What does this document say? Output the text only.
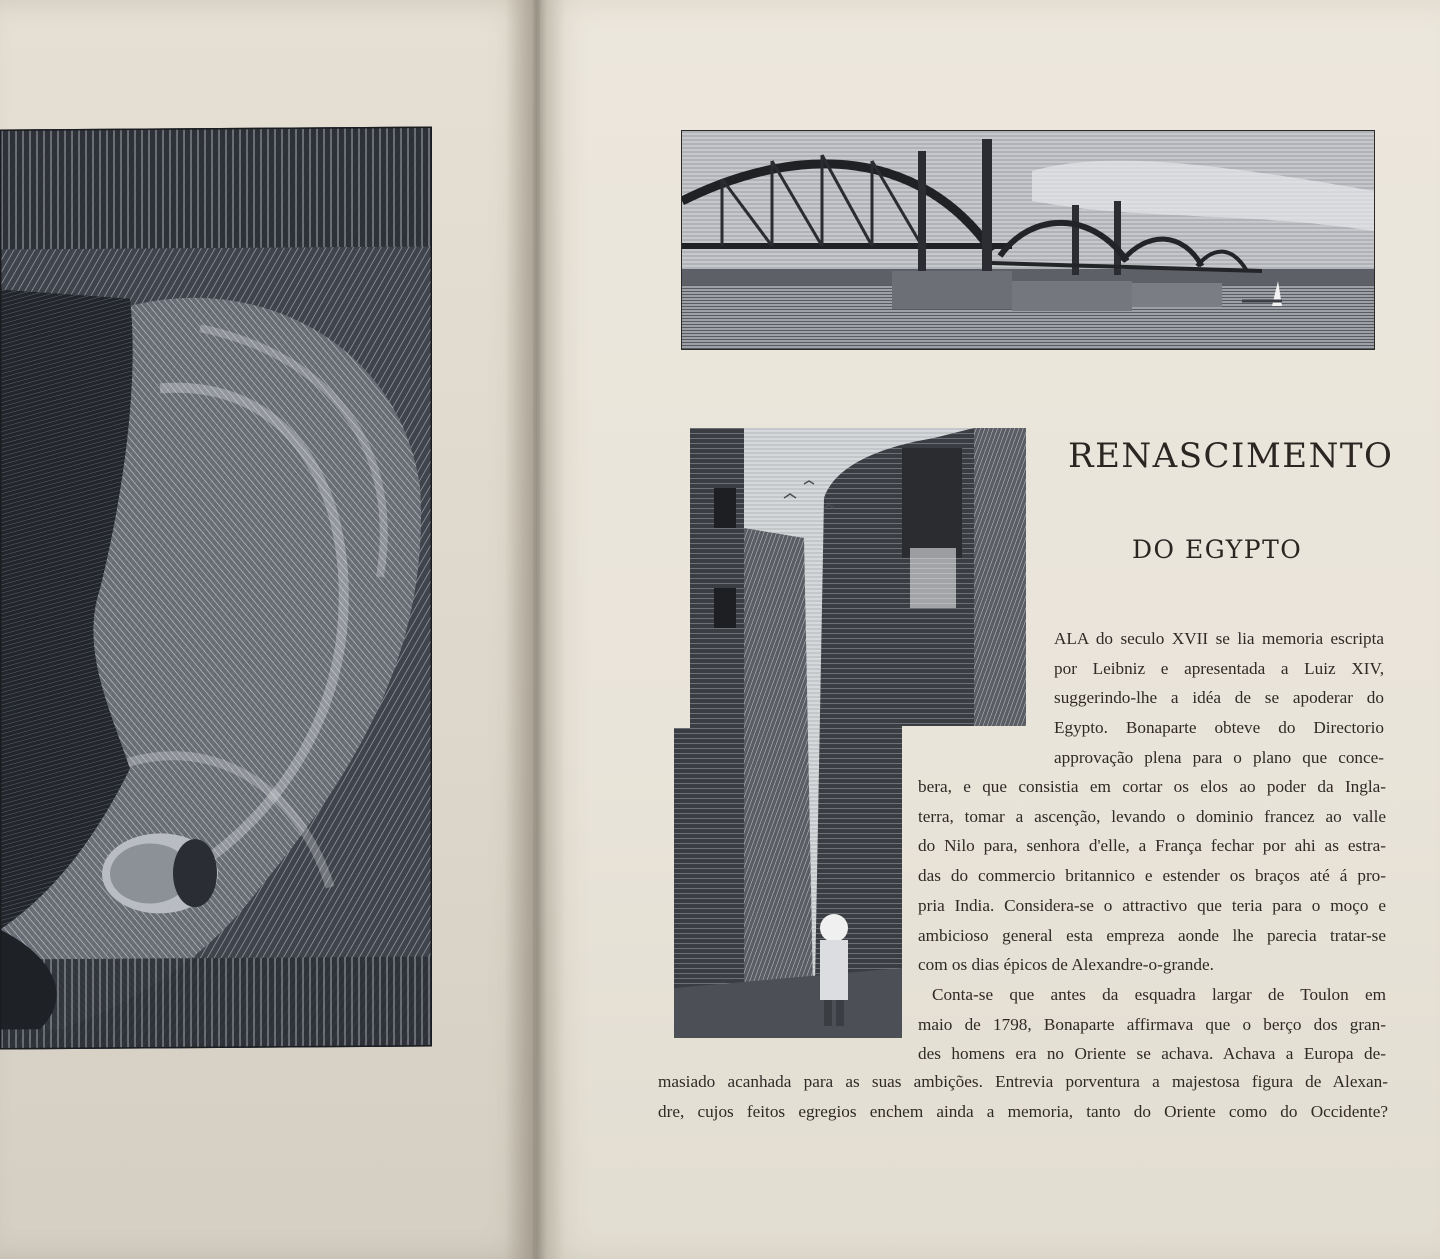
RENASCIMENTO
DO EGYPTO
ALA do seculo XVII se lia memoria escripta
por Leibniz e apresentada a Luiz XIV,
suggerindo-lhe a idéa de se apoderar do
Egypto. Bonaparte obteve do Directorio
approvação plena para o plano que conce-
bera, e que consistia em cortar os elos ao poder da Ingla-
terra, tomar a ascenção, levando o dominio francez ao valle
do Nilo para, senhora d'elle, a França fechar por ahi as estra-
das do commercio britannico e estender os braços até á pro-
pria India. Considera-se o attractivo que teria para o moço e
ambicioso general esta empreza aonde lhe parecia tratar-se
com os dias épicos de Alexandre-o-grande.
Conta-se que antes da esquadra largar de Toulon em
maio de 1798, Bonaparte affirmava que o berço dos gran-
des homens era no Oriente se achava. Achava a Europa de-
masiado acanhada para as suas ambições. Entrevia porventura a majestosa figura de Alexan-
dre, cujos feitos egregios enchem ainda a memoria, tanto do Oriente como do Occidente?
